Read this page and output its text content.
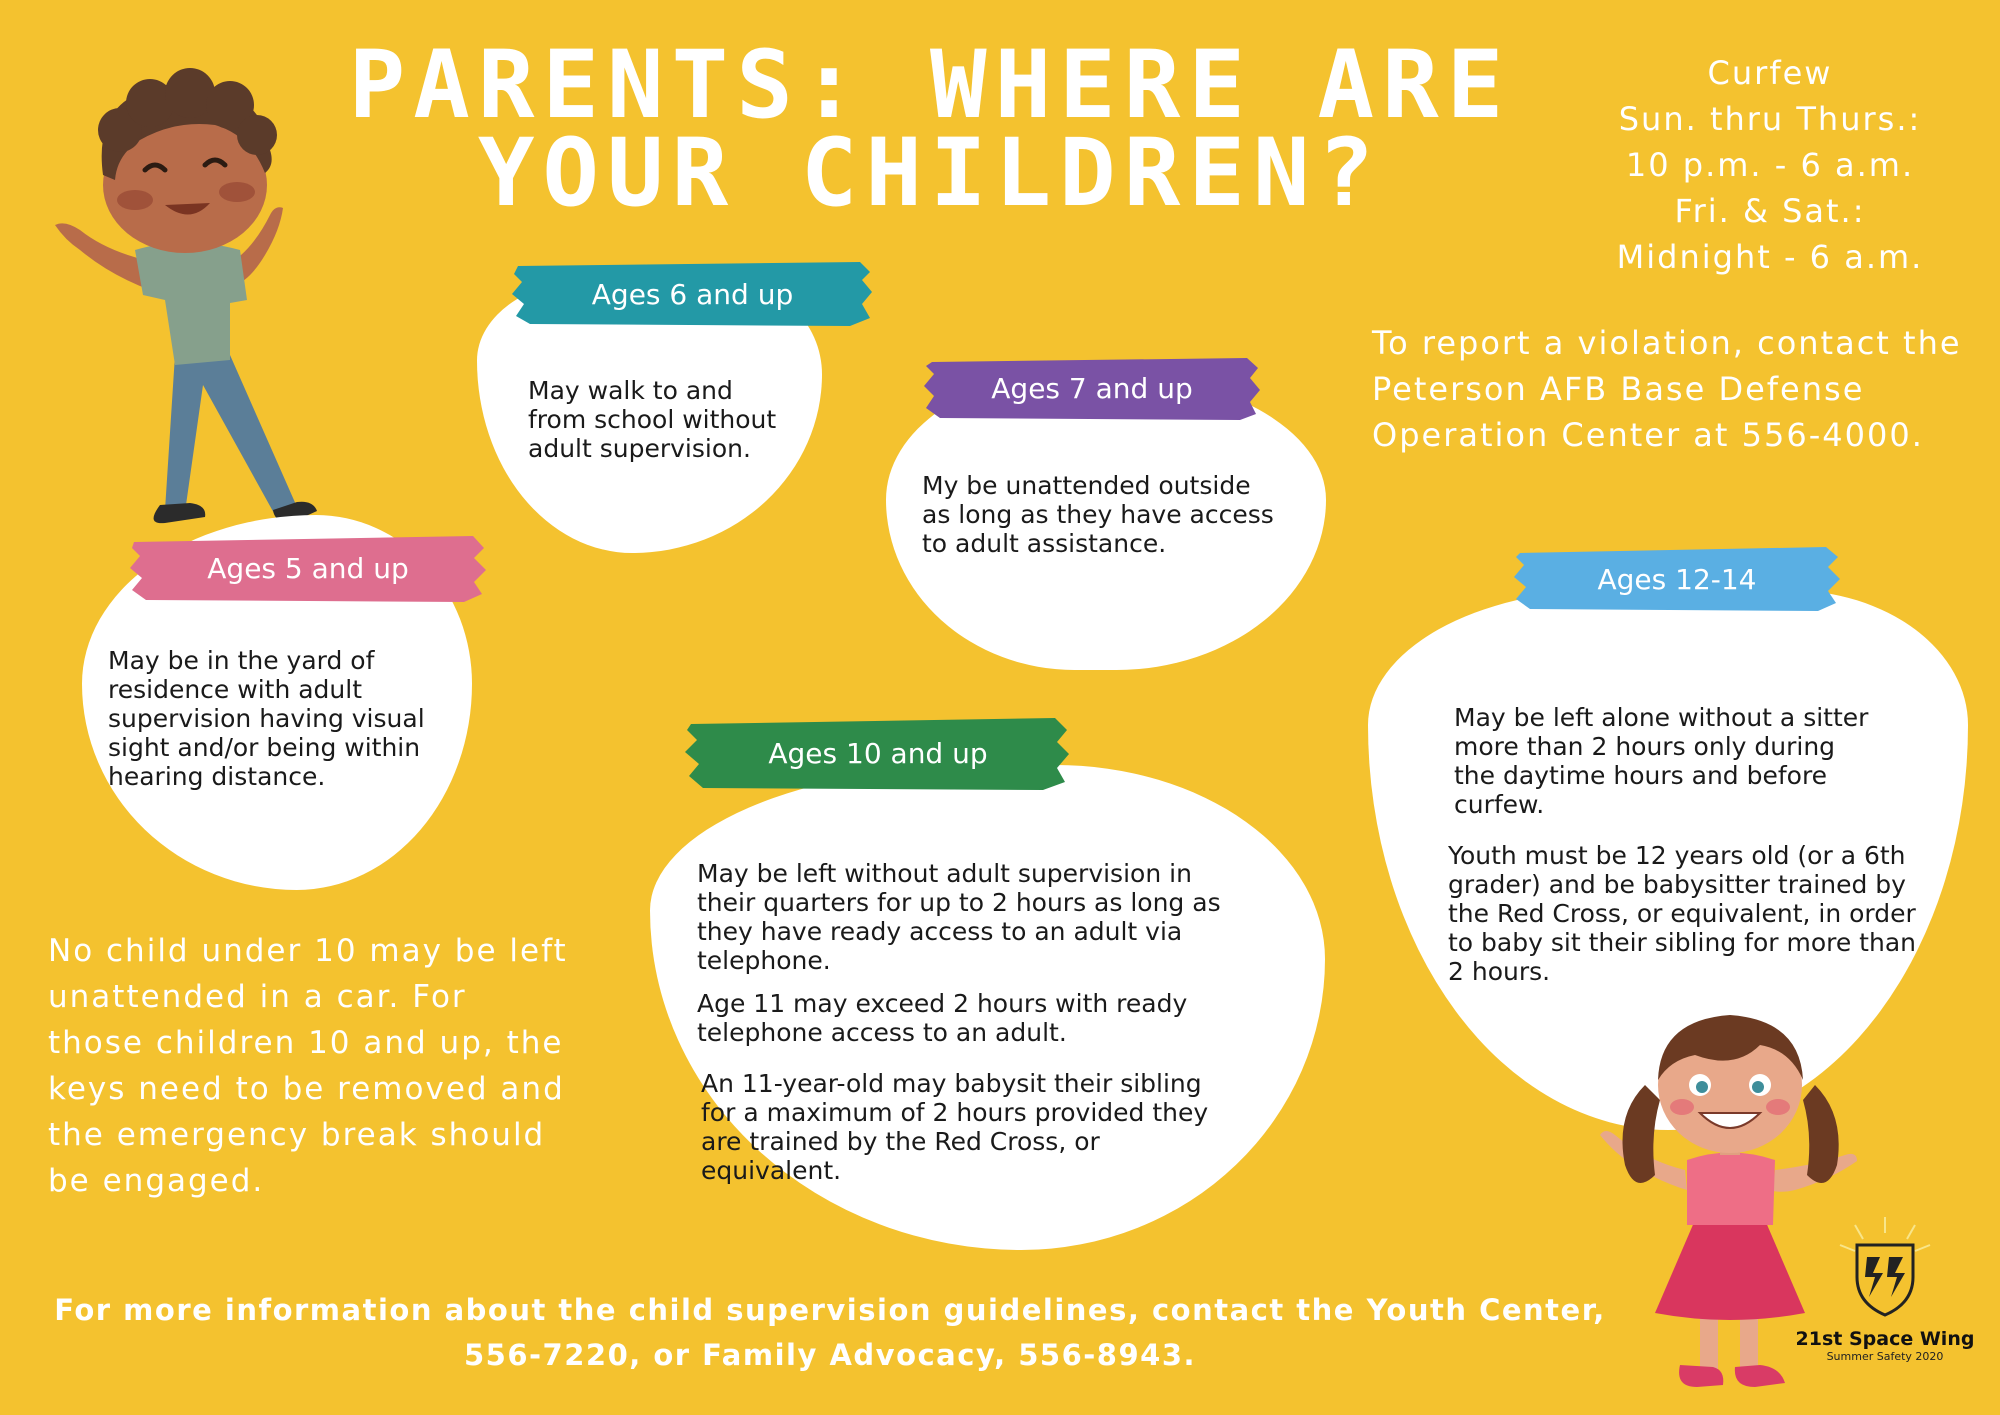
PARENTS: WHERE ARE
YOUR CHILDREN?
Curfew
Sun. thru Thurs.:
10 p.m. - 6 a.m.
Fri. & Sat.:
Midnight - 6 a.m.
To report a violation, contact the
Peterson AFB Base Defense
Operation Center at 556-4000.
Ages 6 and up
May walk to and
from school without
adult supervision.
Ages 7 and up
My be unattended outside
as long as they have access
to adult assistance.
Ages 5 and up
May be in the yard of
residence with adult
supervision having visual
sight and/or being within
hearing distance.
Ages 10 and up
May be left without adult supervision in
their quarters for up to 2 hours as long as
they have ready access to an adult via
telephone.
Age 11 may exceed 2 hours with ready
telephone access to an adult.
An 11-year-old may babysit their sibling
for a maximum of 2 hours provided they
are trained by the Red Cross, or
equivalent.
Ages 12-14
May be left alone without a sitter
more than 2 hours only during
the daytime hours and before
curfew.
Youth must be 12 years old (or a 6th
grader) and be babysitter trained by
the Red Cross, or equivalent, in order
to baby sit their sibling for more than
2 hours.
No child under 10 may be left
unattended in a car. For
those children 10 and up, the
keys need to be removed and
the emergency break should
be engaged.
21st Space Wing
Summer Safety 2020
For more information about the child supervision guidelines, contact the Youth Center,
556-7220, or Family Advocacy, 556-8943.
